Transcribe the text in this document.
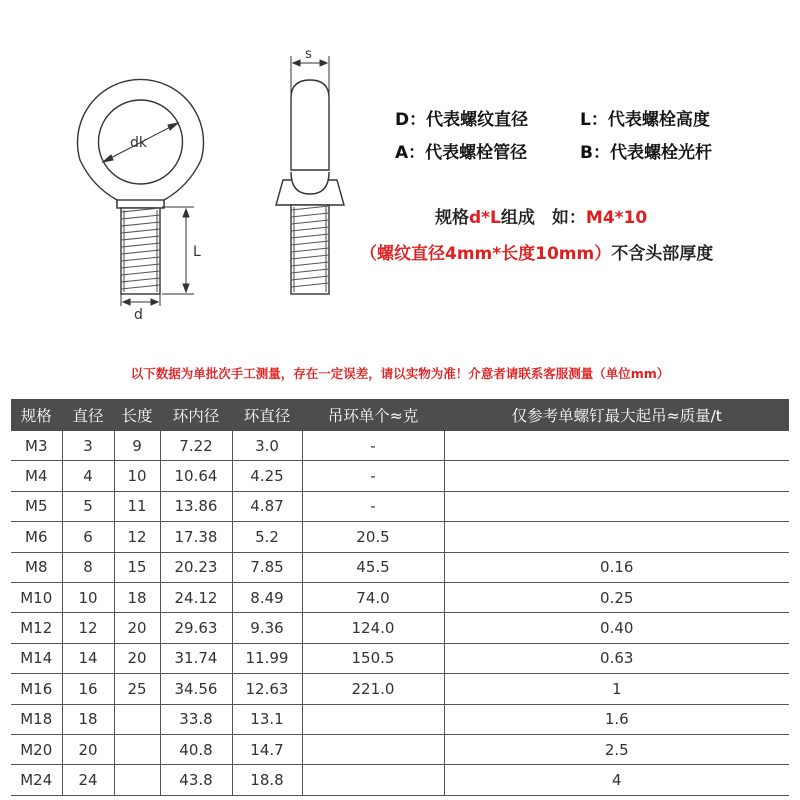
dk
L
d
s
D：代表螺纹直径	L：代表螺栓高度
A：代表螺栓管径	B：代表螺栓光杆
规格d*L组成　如：M4*10
（螺纹直径4mm*长度10mm）不含头部厚度
以下数据为单批次手工测量，存在一定误差，请以实物为准！介意者请联系客服测量（单位mm）
规格	直径	长度	环内径	环直径	吊环单个≈克	仅参考单螺钉最大起吊≈质量/t
M3	3	9	7.22	3.0	-	
M4	4	10	10.64	4.25	-	
M5	5	11	13.86	4.87	-	
M6	6	12	17.38	5.2	20.5	
M8	8	15	20.23	7.85	45.5	0.16
M10	10	18	24.12	8.49	74.0	0.25
M12	12	20	29.63	9.36	124.0	0.40
M14	14	20	31.74	11.99	150.5	0.63
M16	16	25	34.56	12.63	221.0	1
M18	18		33.8	13.1		1.6
M20	20		40.8	14.7		2.5
M24	24		43.8	18.8		4
